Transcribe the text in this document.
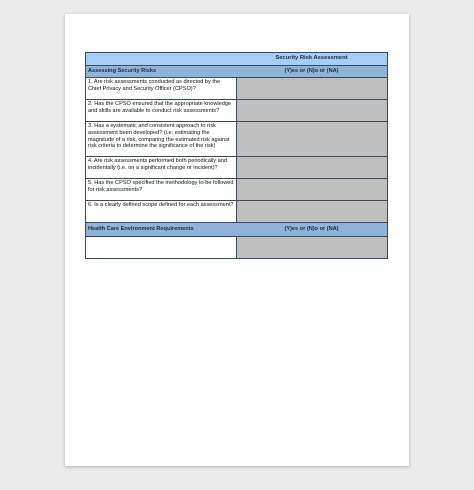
Security Risk Assessment
Assessing Security Risks	(Y)es or (N)o or (NA)
1. Are risk assessments conducted as directed by the Chief Privacy and Security Officer (CPSO)?
2. Has the CPSO ensured that the appropriate knowledge and skills are available to conduct risk assessments?
3. Has a systematic and consistent approach to risk assessment been developed? (i.e. estimating the magnitude of a risk, comparing the estimated risk against risk criteria to determine the significance of the risk)
4. Are risk assessments performed both periodically and incidentally (i.e. on a significant change or incident)?
5. Has the CPSO specified the methodology to be followed for risk assessments?
6. Is a clearly defined scope defined for each assessment?
Health Care Environment Requirements	(Y)es or (N)o or (NA)
